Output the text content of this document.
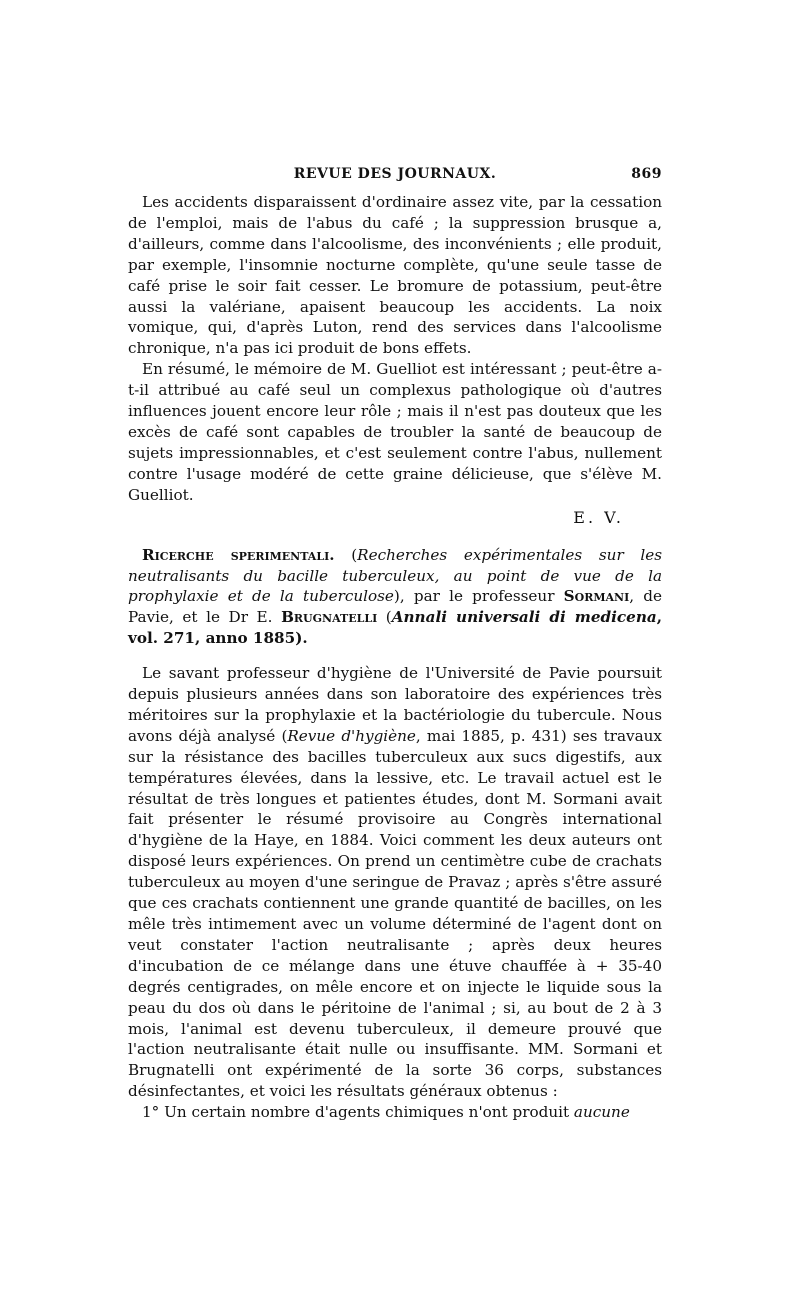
REVUE DES JOURNAUX.	869

Les accidents disparaissent d'ordinaire assez vite, par la cessation de l'emploi, mais de l'abus du café ; la suppression brusque a, d'ailleurs, comme dans l'alcoolisme, des inconvénients ; elle produit, par exemple, l'insomnie nocturne complète, qu'une seule tasse de café prise le soir fait cesser. Le bromure de potassium, peut-être aussi la valériane, apaisent beaucoup les accidents. La noix vomique, qui, d'après Luton, rend des services dans l'alcoolisme chronique, n'a pas ici produit de bons effets.

En résumé, le mémoire de M. Guelliot est intéressant ; peut-être a-t-il attribué au café seul un complexus pathologique où d'autres influences jouent encore leur rôle ; mais il n'est pas douteux que les excès de café sont capables de troubler la santé de beaucoup de sujets impressionnables, et c'est seulement contre l'abus, nullement contre l'usage modéré de cette graine délicieuse, que s'élève M. Guelliot.

E. V.

Ricerche sperimentali. (Recherches expérimentales sur les neutralisants du bacille tuberculeux, au point de vue de la prophylaxie et de la tuberculose), par le professeur Sormani, de Pavie, et le Dr E. Brugnatelli (Annali universali di medicena, vol. 271, anno 1885).

Le savant professeur d'hygiène de l'Université de Pavie poursuit depuis plusieurs années dans son laboratoire des expériences très méritoires sur la prophylaxie et la bactériologie du tubercule. Nous avons déjà analysé (Revue d'hygiène, mai 1885, p. 431) ses travaux sur la résistance des bacilles tuberculeux aux sucs digestifs, aux températures élevées, dans la lessive, etc. Le travail actuel est le résultat de très longues et patientes études, dont M. Sormani avait fait présenter le résumé provisoire au Congrès international d'hygiène de la Haye, en 1884. Voici comment les deux auteurs ont disposé leurs expériences. On prend un centimètre cube de crachats tuberculeux au moyen d'une seringue de Pravaz ; après s'être assuré que ces crachats contiennent une grande quantité de bacilles, on les mêle très intimement avec un volume déterminé de l'agent dont on veut constater l'action neutralisante ; après deux heures d'incubation de ce mélange dans une étuve chauffée à + 35-40 degrés centigrades, on mêle encore et on injecte le liquide sous la peau du dos où dans le péritoine de l'animal ; si, au bout de 2 à 3 mois, l'animal est devenu tuberculeux, il demeure prouvé que l'action neutralisante était nulle ou insuffisante. MM. Sormani et Brugnatelli ont expérimenté de la sorte 36 corps, substances désinfectantes, et voici les résultats généraux obtenus :

1° Un certain nombre d'agents chimiques n'ont produit aucune
